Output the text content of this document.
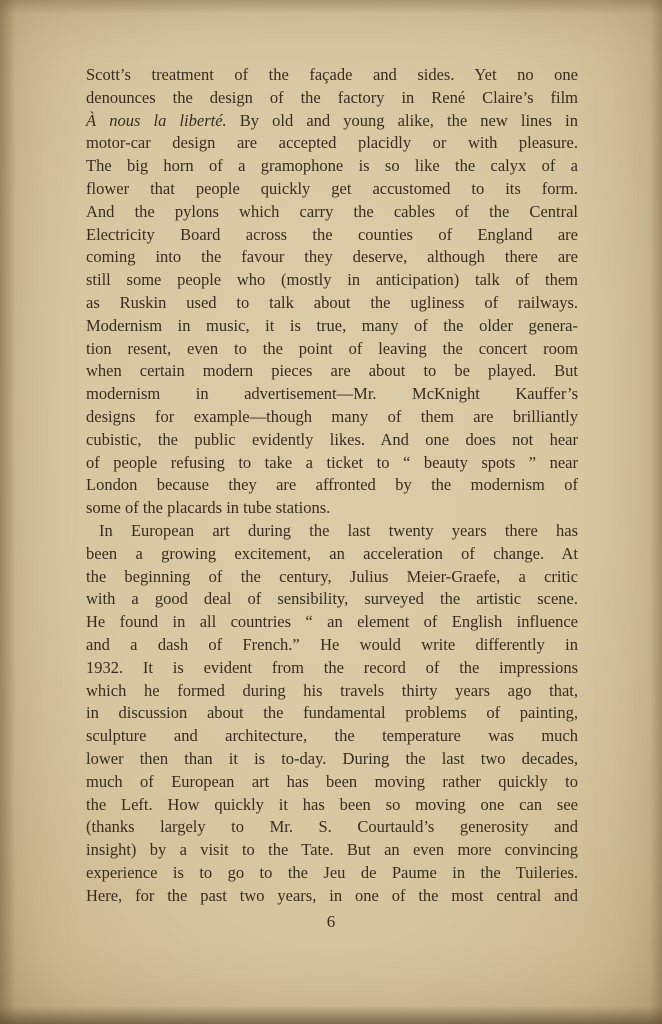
Scott’s treatment of the façade and sides. Yet no one
denounces the design of the factory in René Claire’s film
À nous la liberté. By old and young alike, the new lines in
motor-car design are accepted placidly or with pleasure.
The big horn of a gramophone is so like the calyx of a
flower that people quickly get accustomed to its form.
And the pylons which carry the cables of the Central
Electricity Board across the counties of England are
coming into the favour they deserve, although there are
still some people who (mostly in anticipation) talk of them
as Ruskin used to talk about the ugliness of railways.
Modernism in music, it is true, many of the older genera-
tion resent, even to the point of leaving the concert room
when certain modern pieces are about to be played. But
modernism in advertisement—Mr. McKnight Kauffer’s
designs for example—though many of them are brilliantly
cubistic, the public evidently likes. And one does not hear
of people refusing to take a ticket to “ beauty spots ” near
London because they are affronted by the modernism of
some of the placards in tube stations.
In European art during the last twenty years there has
been a growing excitement, an acceleration of change. At
the beginning of the century, Julius Meier-Graefe, a critic
with a good deal of sensibility, surveyed the artistic scene.
He found in all countries “ an element of English influence
and a dash of French.” He would write differently in
1932. It is evident from the record of the impressions
which he formed during his travels thirty years ago that,
in discussion about the fundamental problems of painting,
sculpture and architecture, the temperature was much
lower then than it is to-day. During the last two decades,
much of European art has been moving rather quickly to
the Left. How quickly it has been so moving one can see
(thanks largely to Mr. S. Courtauld’s generosity and
insight) by a visit to the Tate. But an even more convincing
experience is to go to the Jeu de Paume in the Tuileries.
Here, for the past two years, in one of the most central and
6
